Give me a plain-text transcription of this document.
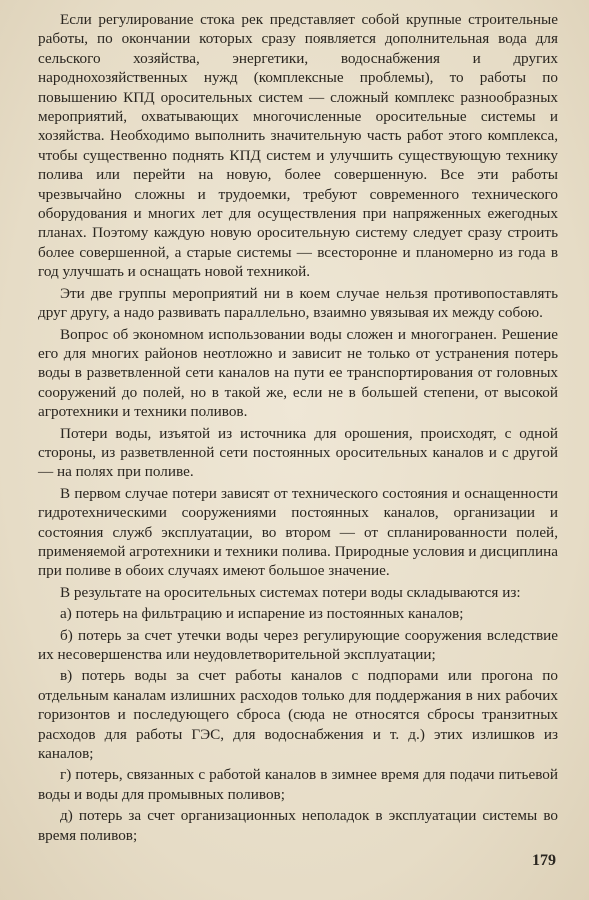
Если регулирование стока рек представляет собой крупные строительные работы, по окончании которых сразу появляется дополнительная вода для сельского хозяйства, энергетики, водоснабжения и других народнохозяйственных нужд (комплексные проблемы), то работы по повышению КПД оросительных систем — сложный комплекс разнообразных мероприятий, охватывающих многочисленные оросительные системы и хозяйства. Необходимо выполнить значительную часть работ этого комплекса, чтобы существенно поднять КПД систем и улучшить существующую технику полива или перейти на новую, более совершенную. Все эти работы чрезвычайно сложны и трудоемки, требуют современного технического оборудования и многих лет для осуществления при напряженных ежегодных планах. Поэтому каждую новую оросительную систему следует сразу строить более совершенной, а старые системы — всесторонне и планомерно из года в год улучшать и оснащать новой техникой.

Эти две группы мероприятий ни в коем случае нельзя противопоставлять друг другу, а надо развивать параллельно, взаимно увязывая их между собою.

Вопрос об экономном использовании воды сложен и многогранен. Решение его для многих районов неотложно и зависит не только от устранения потерь воды в разветвленной сети каналов на пути ее транспортирования от головных сооружений до полей, но в такой же, если не в большей степени, от высокой агротехники и техники поливов.

Потери воды, изъятой из источника для орошения, происходят, с одной стороны, из разветвленной сети постоянных оросительных каналов и с другой — на полях при поливе.

В первом случае потери зависят от технического состояния и оснащенности гидротехническими сооружениями постоянных каналов, организации и состояния служб эксплуатации, во втором — от спланированности полей, применяемой агротехники и техники полива. Природные условия и дисциплина при поливе в обоих случаях имеют большое значение.

В результате на оросительных системах потери воды складываются из:

а) потерь на фильтрацию и испарение из постоянных каналов;

б) потерь за счет утечки воды через регулирующие сооружения вследствие их несовершенства или неудовлетворительной эксплуатации;

в) потерь воды за счет работы каналов с подпорами или прогона по отдельным каналам излишних расходов только для поддержания в них рабочих горизонтов и последующего сброса (сюда не относятся сбросы транзитных расходов для работы ГЭС, для водоснабжения и т. д.) этих излишков из каналов;

г) потерь, связанных с работой каналов в зимнее время для подачи питьевой воды и воды для промывных поливов;

д) потерь за счет организационных неполадок в эксплуатации системы во время поливов;

179
